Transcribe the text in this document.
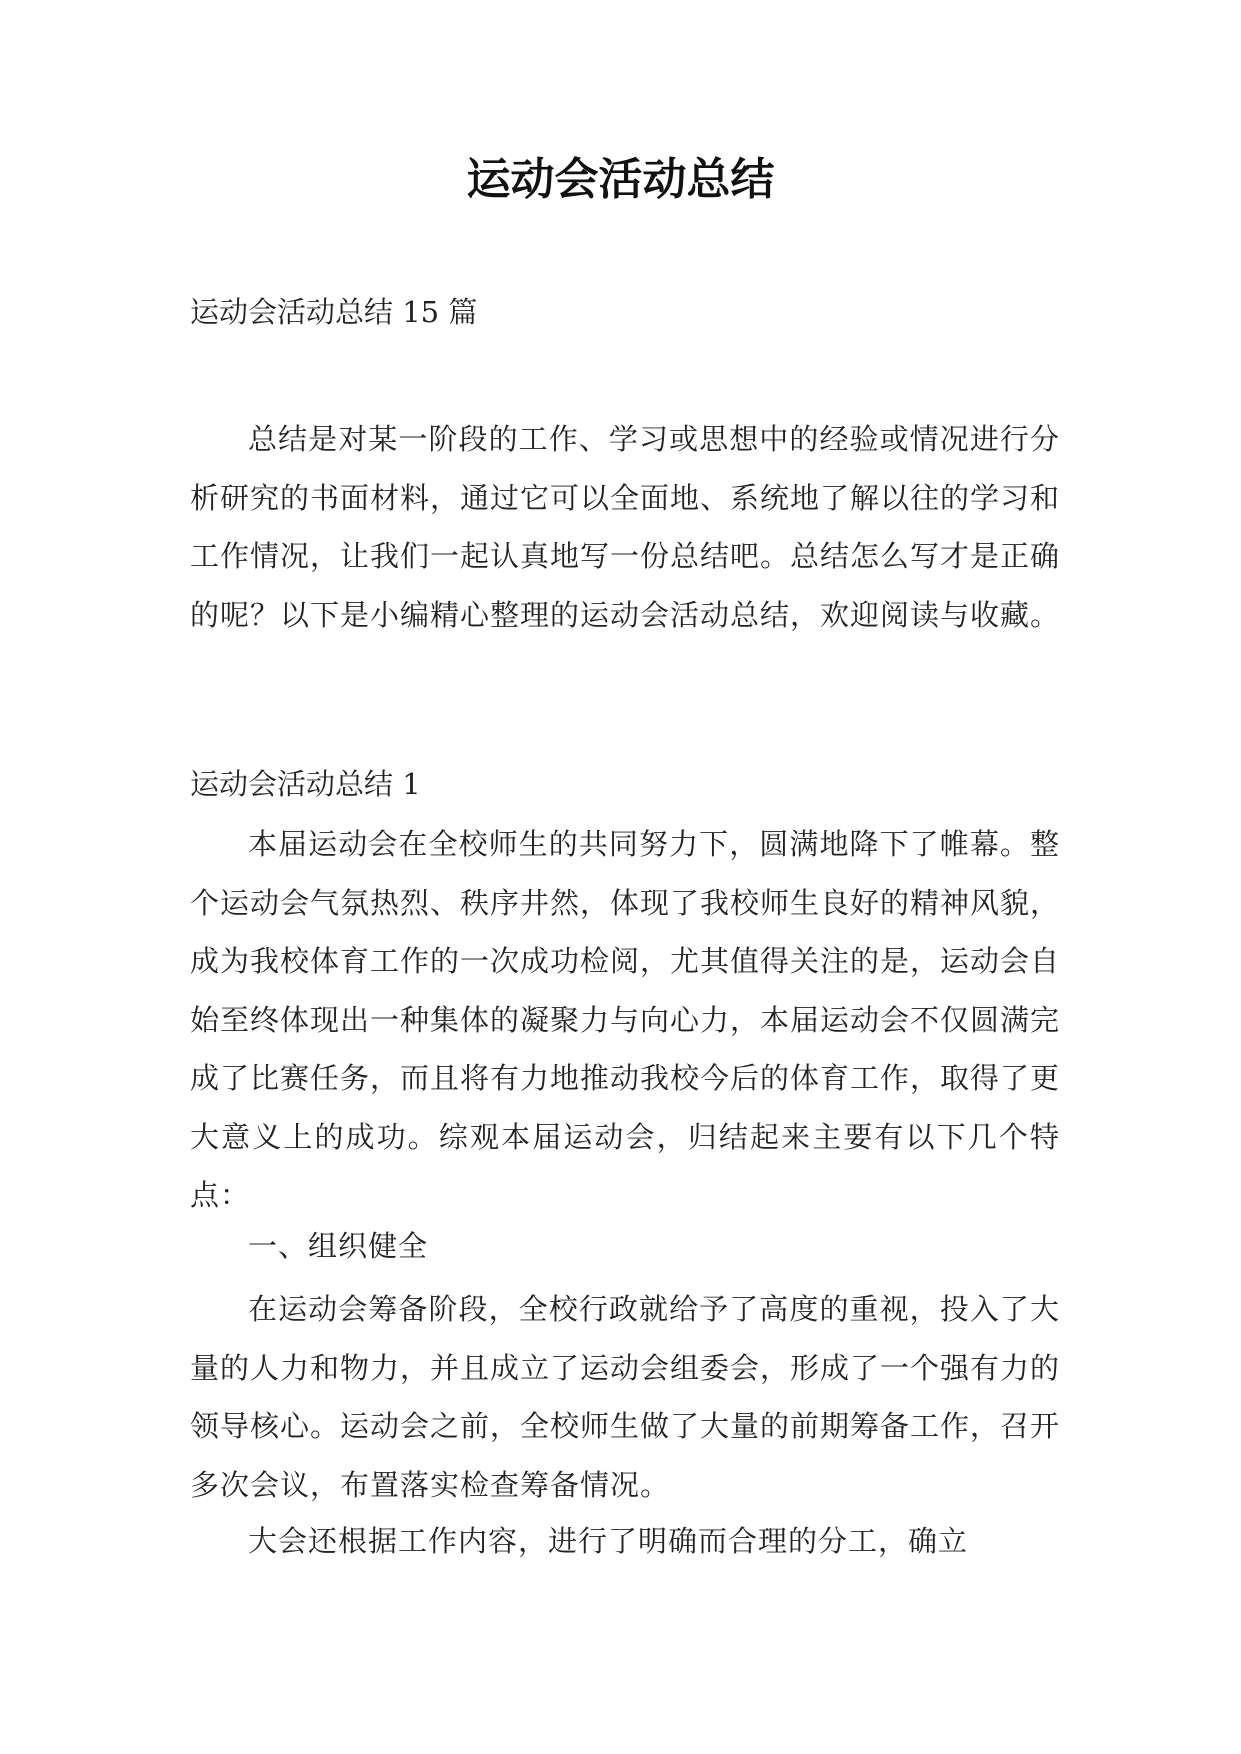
运动会活动总结

运动会活动总结 15 篇

总结是对某一阶段的工作、学习或思想中的经验或情况进行分析研究的书面材料，通过它可以全面地、系统地了解以往的学习和工作情况，让我们一起认真地写一份总结吧。总结怎么写才是正确的呢？以下是小编精心整理的运动会活动总结，欢迎阅读与收藏。

运动会活动总结 1

本届运动会在全校师生的共同努力下，圆满地降下了帷幕。整个运动会气氛热烈、秩序井然，体现了我校师生良好的精神风貌，成为我校体育工作的一次成功检阅，尤其值得关注的是，运动会自始至终体现出一种集体的凝聚力与向心力，本届运动会不仅圆满完成了比赛任务，而且将有力地推动我校今后的体育工作，取得了更大意义上的成功。综观本届运动会，归结起来主要有以下几个特点：

一、组织健全

在运动会筹备阶段，全校行政就给予了高度的重视，投入了大量的人力和物力，并且成立了运动会组委会，形成了一个强有力的领导核心。运动会之前，全校师生做了大量的前期筹备工作，召开多次会议，布置落实检查筹备情况。

大会还根据工作内容，进行了明确而合理的分工，确立
